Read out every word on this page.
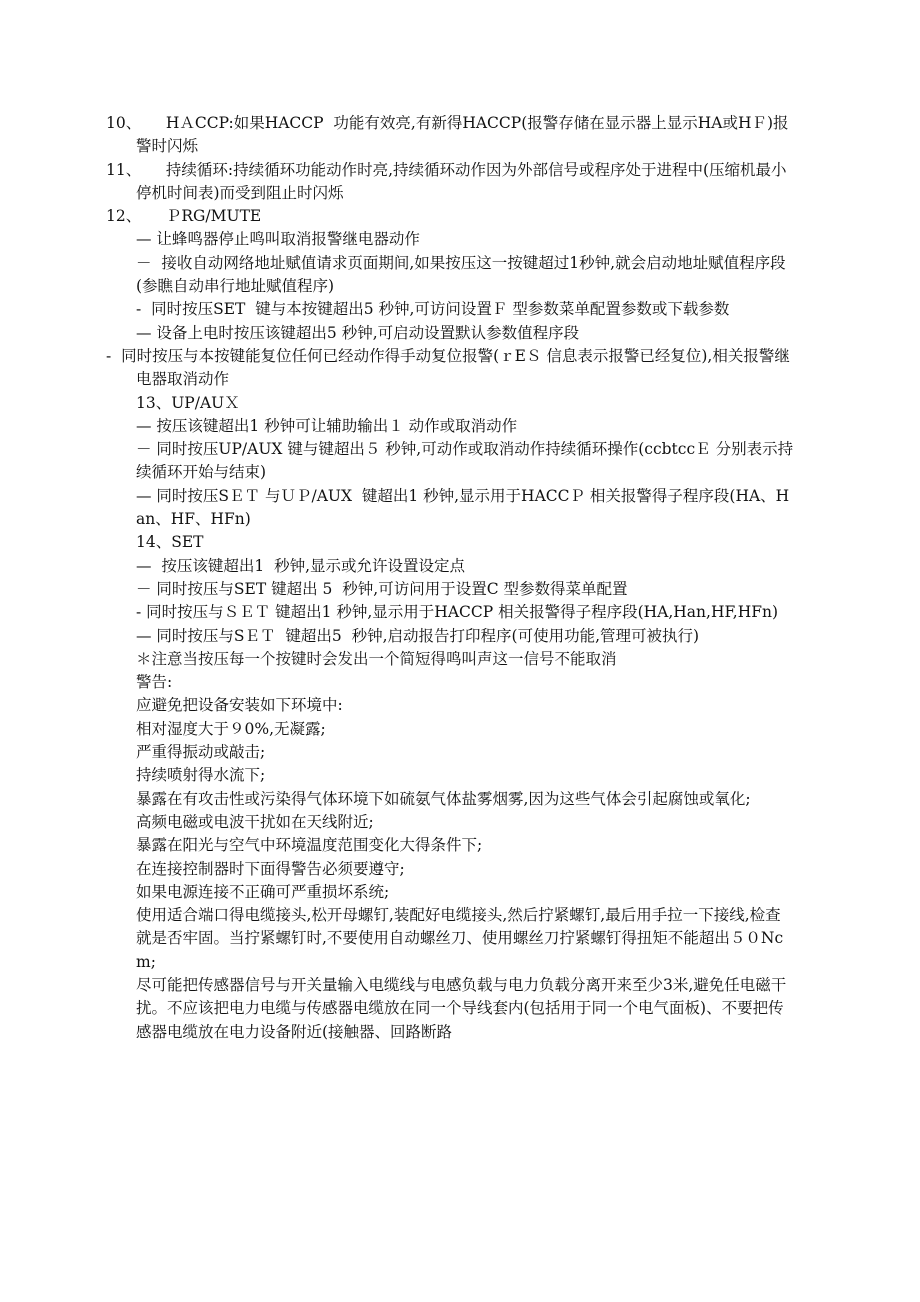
10、     HＡCCP:如果HACCP  功能有效亮,有新得HACCP(报警存储在显示器上显示HA或HＦ)报警时闪烁

11、     持续循环:持续循环功能动作时亮,持续循环动作因为外部信号或程序处于进程中(压缩机最小停机时间表)而受到阻止时闪烁

12、     ＰRG/MUTE

— 让蜂鸣器停止鸣叫取消报警继电器动作

－  接收自动网络地址赋值请求页面期间,如果按压这一按键超过1秒钟,就会启动地址赋值程序段(参瞧自动串行地址赋值程序)

-  同时按压SET  键与本按键超出5 秒钟,可访问设置Ｆ 型参数菜单配置参数或下载参数

— 设备上电时按压该键超出5 秒钟,可启动设置默认参数值程序段

-  同时按压与本按键能复位任何已经动作得手动复位报警(ｒEＳ 信息表示报警已经复位),相关报警继电器取消动作

13、UP/AUＸ

— 按压该键超出1 秒钟可让辅助输出１ 动作或取消动作

－ 同时按压UP/AUX 键与键超出５ 秒钟,可动作或取消动作持续循环操作(ccbtccＥ 分别表示持续循环开始与结束)

— 同时按压SＥＴ 与ＵＰ/AUX  键超出1 秒钟,显示用于HACCＰ 相关报警得子程序段(HA、Han、HF、HFn)

14、SET

—  按压该键超出1  秒钟,显示或允许设置设定点

－ 同时按压与SET 键超出 5  秒钟,可访问用于设置C 型参数得菜单配置

- 同时按压与ＳＥＴ 键超出1 秒钟,显示用于HACCP 相关报警得子程序段(HA,Han,HF,HFn)

— 同时按压与SＥＴ  键超出5  秒钟,启动报告打印程序(可使用功能,管理可被执行)

＊注意当按压每一个按键时会发出一个简短得鸣叫声这一信号不能取消

警告:

应避免把设备安装如下环境中:

相对湿度大于９0%,无凝露;

严重得振动或敲击;

持续喷射得水流下;

暴露在有攻击性或污染得气体环境下如硫氨气体盐雾烟雾,因为这些气体会引起腐蚀或氧化;

高频电磁或电波干扰如在天线附近;

暴露在阳光与空气中环境温度范围变化大得条件下;

在连接控制器时下面得警告必须要遵守;

如果电源连接不正确可严重损坏系统;

使用适合端口得电缆接头,松开母螺钉,装配好电缆接头,然后拧紧螺钉,最后用手拉一下接线,检查就是否牢固。当拧紧螺钉时,不要使用自动螺丝刀、使用螺丝刀拧紧螺钉得扭矩不能超出５０Ncm;

尽可能把传感器信号与开关量输入电缆线与电感负载与电力负载分离开来至少3米,避免任电磁干扰。不应该把电力电缆与传感器电缆放在同一个导线套内(包括用于同一个电气面板)、不要把传感器电缆放在电力设备附近(接触器、回路断路
